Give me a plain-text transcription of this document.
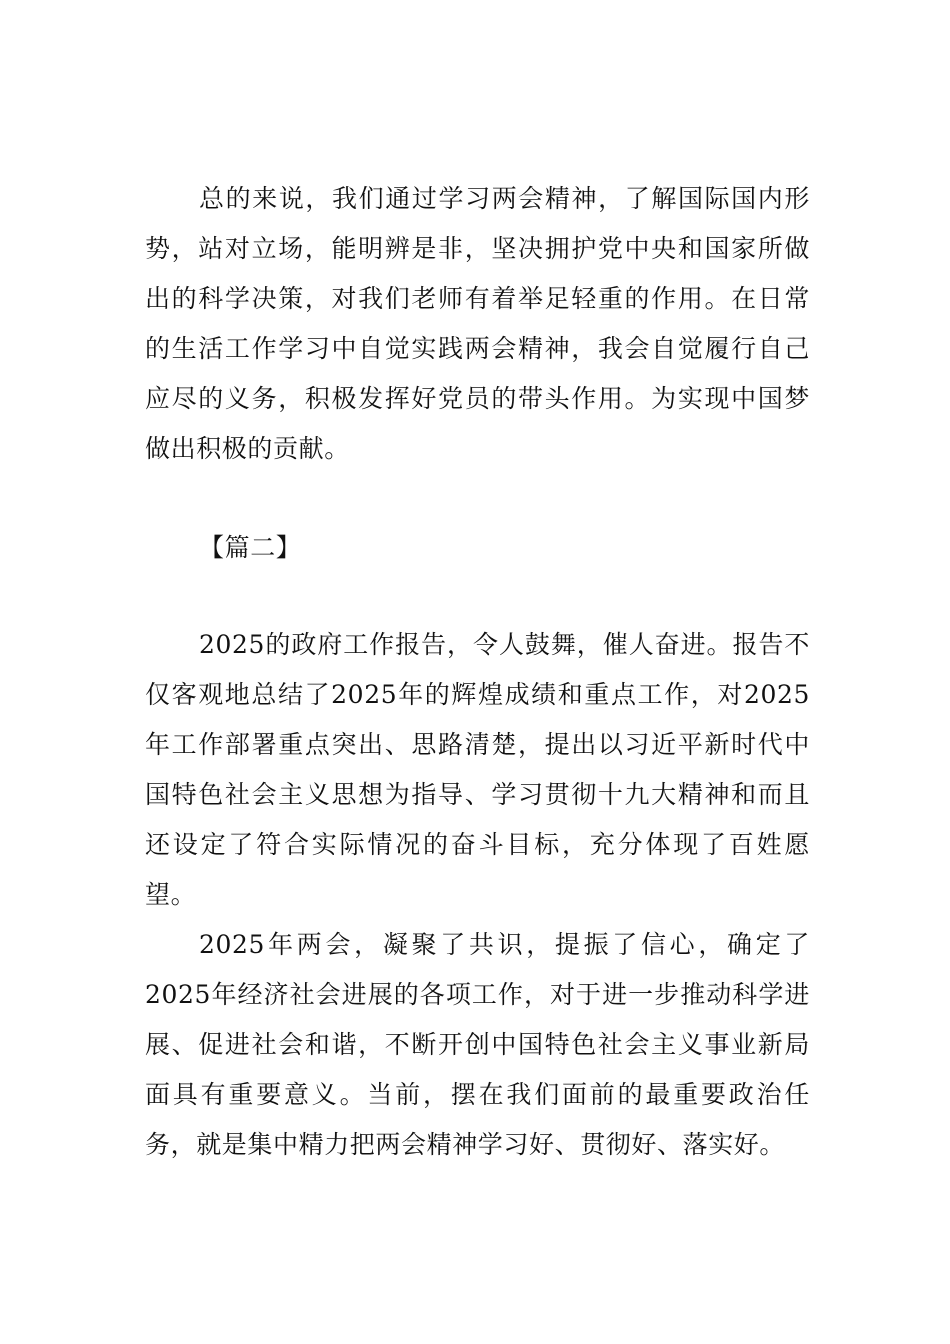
总的来说，我们通过学习两会精神，了解国际国内形势，站对立场，能明辨是非，坚决拥护党中央和国家所做出的科学决策，对我们老师有着举足轻重的作用。在日常的生活工作学习中自觉实践两会精神，我会自觉履行自己应尽的义务，积极发挥好党员的带头作用。为实现中国梦做出积极的贡献。

【篇二】

2025的政府工作报告，令人鼓舞，催人奋进。报告不仅客观地总结了2025年的辉煌成绩和重点工作，对2025年工作部署重点突出、思路清楚，提出以习近平新时代中国特色社会主义思想为指导、学习贯彻十九大精神和而且还设定了符合实际情况的奋斗目标，充分体现了百姓愿望。

2025年两会，凝聚了共识，提振了信心，确定了2025年经济社会进展的各项工作，对于进一步推动科学进展、促进社会和谐，不断开创中国特色社会主义事业新局面具有重要意义。当前，摆在我们面前的最重要政治任务，就是集中精力把两会精神学习好、贯彻好、落实好。
